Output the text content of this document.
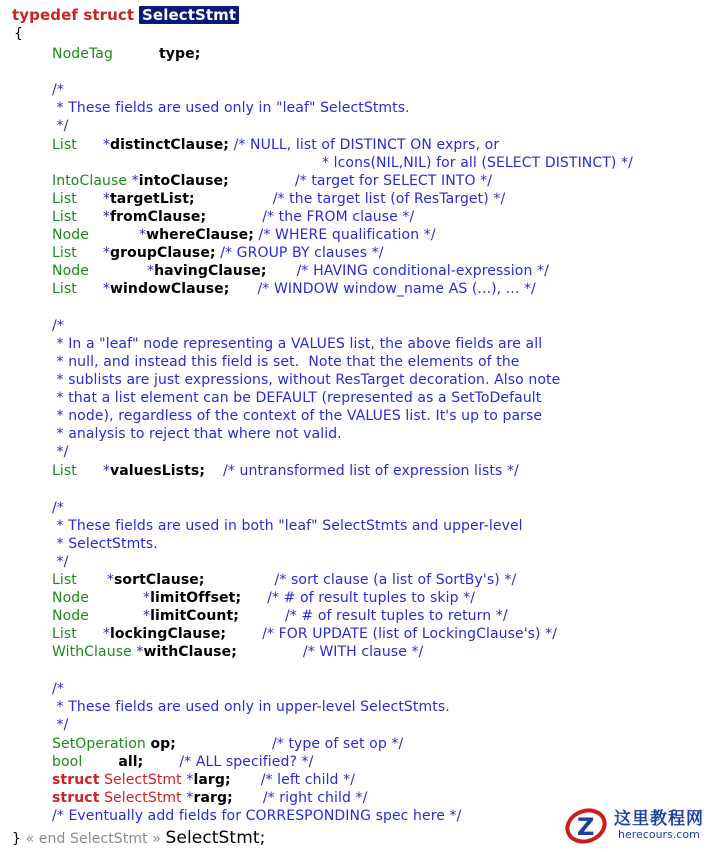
typedef struct SelectStmt
{
NodeTag	type;
/*
* These fields are used only in "leaf" SelectStmts.
*/
List *distinctClause; /* NULL, list of DISTINCT ON exprs, or
* lcons(NIL,NIL) for all (SELECT DISTINCT) */
IntoClause *intoClause;	/* target for SELECT INTO */
List *targetList;	/* the target list (of ResTarget) */
List *fromClause;	/* the FROM clause */
Node	*whereClause; /* WHERE qualification */
List *groupClause; /* GROUP BY clauses */
Node	*havingClause; /* HAVING conditional-expression */
List *windowClause; /* WINDOW window_name AS (...), ... */
/*
* In a "leaf" node representing a VALUES list, the above fields are all
* null, and instead this field is set.  Note that the elements of the
* sublists are just expressions, without ResTarget decoration. Also note
* that a list element can be DEFAULT (represented as a SetToDefault
* node), regardless of the context of the VALUES list. It's up to parse
* analysis to reject that where not valid.
*/
List *valuesLists; /* untransformed list of expression lists */
/*
* These fields are used in both "leaf" SelectStmts and upper-level
* SelectStmts.
*/
List *sortClause;	/* sort clause (a list of SortBy's) */
Node	*limitOffset; /* # of result tuples to skip */
Node	*limitCount;	/* # of result tuples to return */
List *lockingClause;	/* FOR UPDATE (list of LockingClause's) */
WithClause *withClause;	/* WITH clause */
/*
* These fields are used only in upper-level SelectStmts.
*/
SetOperation op;	/* type of set op */
bool	all;	/* ALL specified? */
struct SelectStmt *larg; /* left child */
struct SelectStmt *rarg; /* right child */
/* Eventually add fields for CORRESPONDING spec here */
} « end SelectStmt » SelectStmt;	Z 这里教程网
herecours.com
